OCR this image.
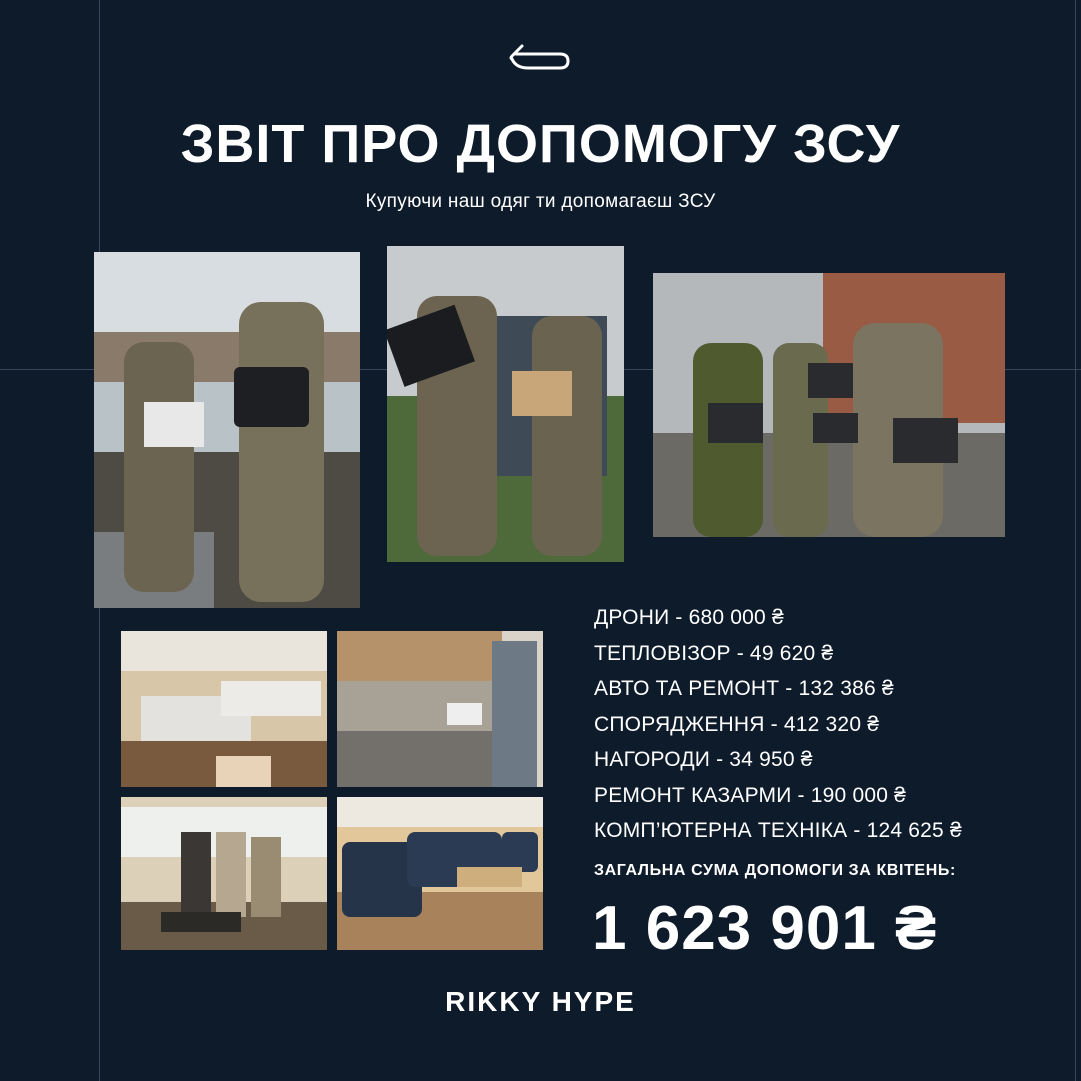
ЗВІТ ПРО ДОПОМОГУ ЗСУ
Купуючи наш одяг ти допомагаєш ЗСУ
ДРОНИ - 680 000 ₴
ТЕПЛОВІЗОР - 49 620 ₴
АВТО ТА РЕМОНТ - 132 386 ₴
СПОРЯДЖЕННЯ - 412 320 ₴
НАГОРОДИ - 34 950 ₴
РЕМОНТ КАЗАРМИ - 190 000 ₴
КОМП’ЮТЕРНА ТЕХНІКА - 124 625 ₴
ЗАГАЛЬНА СУМА ДОПОМОГИ ЗА КВІТЕНЬ:
1 623 901 ₴
RIKKY HYPE
